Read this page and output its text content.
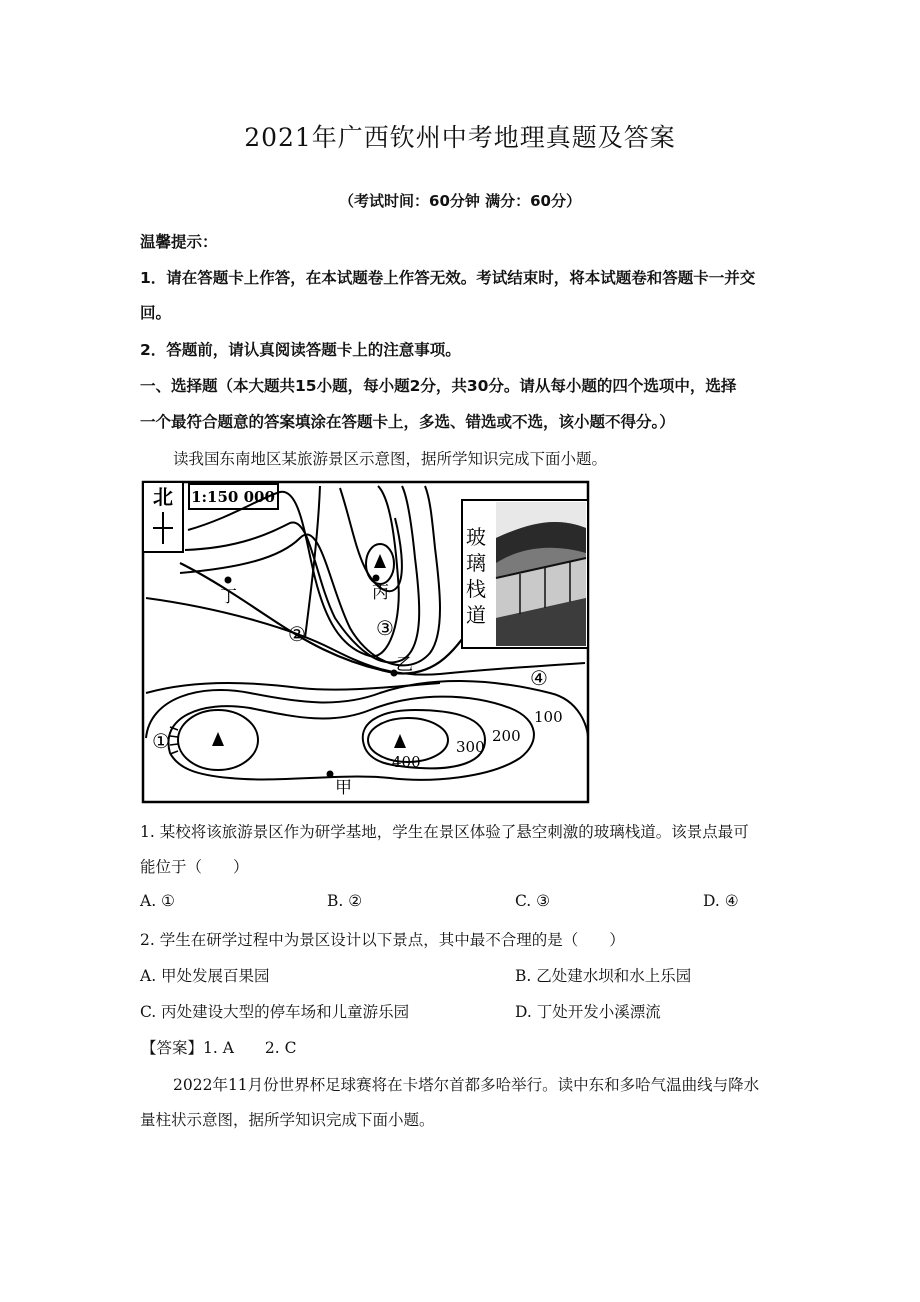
2021年广西钦州中考地理真题及答案
（考试时间：60分钟 满分：60分）
温馨提示：
1．请在答题卡上作答，在本试题卷上作答无效。考试结束时，将本试题卷和答题卡一并交
回。
2．答题前，请认真阅读答题卡上的注意事项。
一、选择题（本大题共15小题，每小题2分，共30分。请从每小题的四个选项中，选择
一个最符合题意的答案填涂在答题卡上，多选、错选或不选，该小题不得分。）
读我国东南地区某旅游景区示意图，据所学知识完成下面小题。
北 1:150 000
丁	丙
乙
甲
①
②	③
④
100
200
300
400
玻
璃
栈
道
1. 某校将该旅游景区作为研学基地，学生在景区体验了悬空刺激的玻璃栈道。该景点最可
能位于（　　）
A. ①	B. ②	C. ③	D. ④
2. 学生在研学过程中为景区设计以下景点，其中最不合理的是（　　）
A. 甲处发展百果园	B. 乙处建水坝和水上乐园
C. 丙处建设大型的停车场和儿童游乐园	D. 丁处开发小溪漂流
【答案】1. A　　2. C
2022年11月份世界杯足球赛将在卡塔尔首都多哈举行。读中东和多哈气温曲线与降水
量柱状示意图，据所学知识完成下面小题。
